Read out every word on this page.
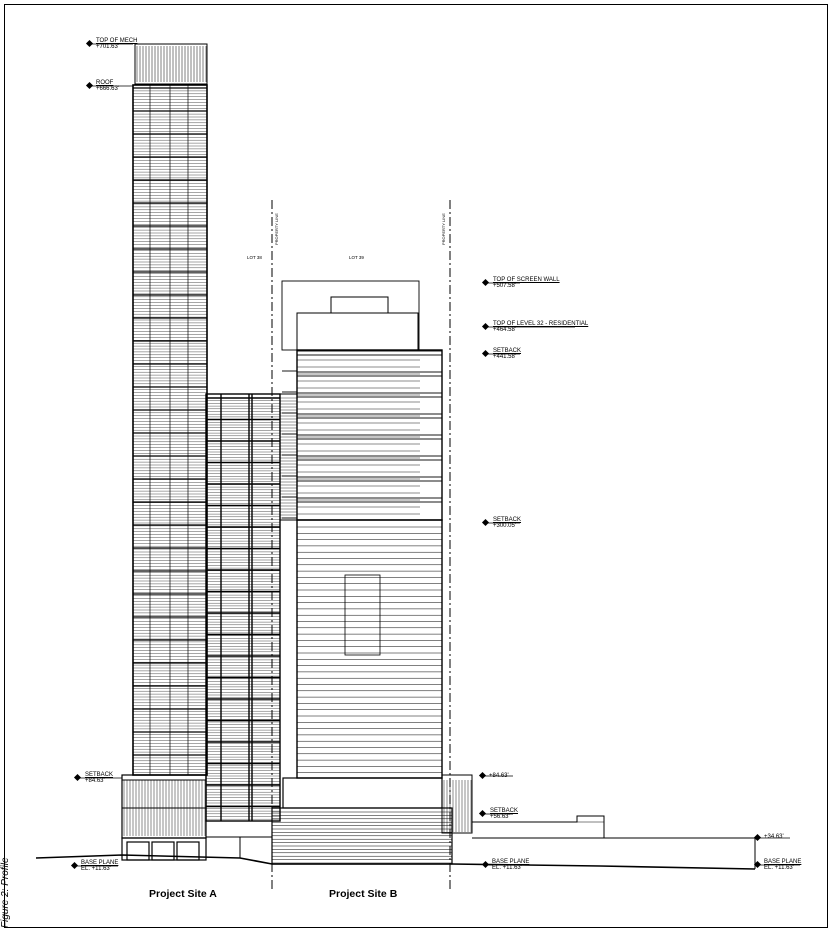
TOP OF MECH
+701.63'
ROOF
+666.63'
TOP OF SCREEN WALL
+507.58'
TOP OF LEVEL 32 - RESIDENTIAL
+464.58'
SETBACK
+441.58'
SETBACK
+300.05'
SETBACK
+84.63'
+84.63'
SETBACK
+56.63'
+34.63'
BASE PLANE
EL. +11.63'
BASE PLANE
EL. +11.63'
BASE PLANE
EL. +11.63'
LOT 38	LOT 39
PROPERTY LINE	PROPERTY LINE
Project Site A	Project Site B
Figure 2: Profile
